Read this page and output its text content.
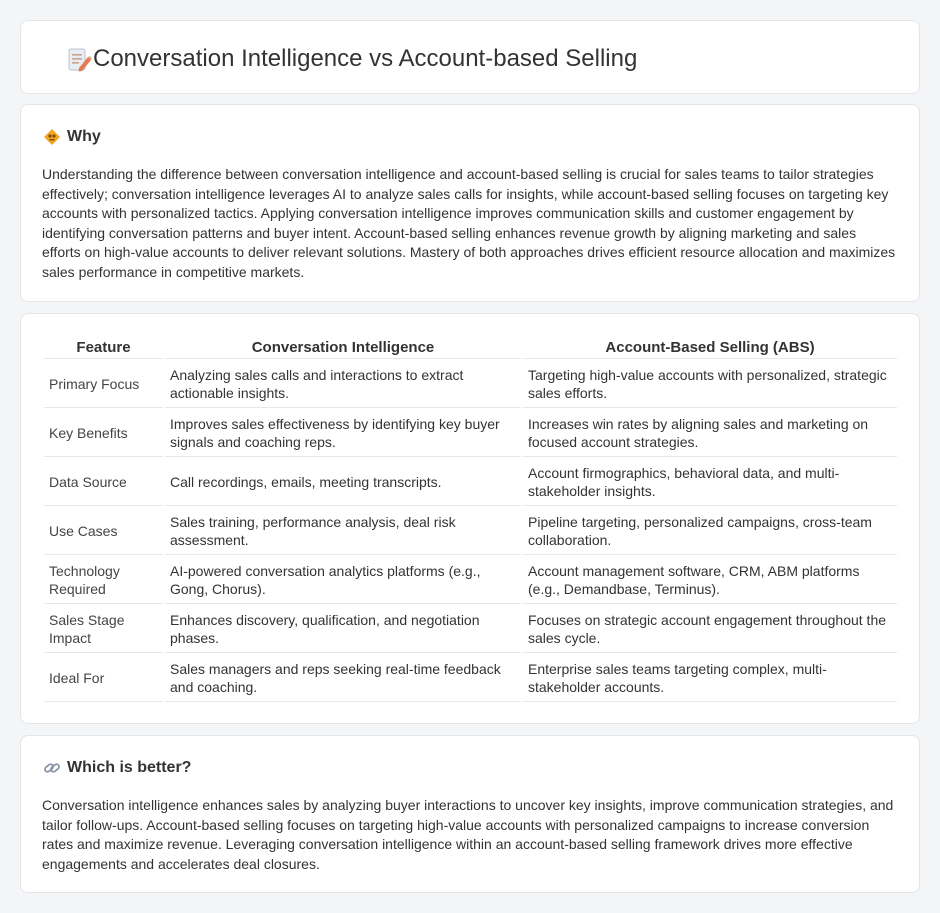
Conversation Intelligence vs Account-based Selling
Why

Understanding the difference between conversation intelligence and account-based selling is crucial for sales teams to tailor strategies effectively; conversation intelligence leverages AI to analyze sales calls for insights, while account-based selling focuses on targeting key accounts with personalized tactics. Applying conversation intelligence improves communication skills and customer engagement by identifying conversation patterns and buyer intent. Account-based selling enhances revenue growth by aligning marketing and sales efforts on high-value accounts to deliver relevant solutions. Mastery of both approaches drives efficient resource allocation and maximizes sales performance in competitive markets.

Feature	Conversation Intelligence	Account-Based Selling (ABS)
Primary Focus	Analyzing sales calls and interactions to extract actionable insights.	Targeting high-value accounts with personalized, strategic sales efforts.
Key Benefits	Improves sales effectiveness by identifying key buyer signals and coaching reps.	Increases win rates by aligning sales and marketing on focused account strategies.
Data Source	Call recordings, emails, meeting transcripts.	Account firmographics, behavioral data, and multi-stakeholder insights.
Use Cases	Sales training, performance analysis, deal risk assessment.	Pipeline targeting, personalized campaigns, cross-team collaboration.
Technology Required	AI-powered conversation analytics platforms (e.g., Gong, Chorus).	Account management software, CRM, ABM platforms (e.g., Demandbase, Terminus).
Sales Stage Impact	Enhances discovery, qualification, and negotiation phases.	Focuses on strategic account engagement throughout the sales cycle.
Ideal For	Sales managers and reps seeking real-time feedback and coaching.	Enterprise sales teams targeting complex, multi-stakeholder accounts.
Which is better?

Conversation intelligence enhances sales by analyzing buyer interactions to uncover key insights, improve communication strategies, and tailor follow-ups. Account-based selling focuses on targeting high-value accounts with personalized campaigns to increase conversion rates and maximize revenue. Leveraging conversation intelligence within an account-based selling framework drives more effective engagements and accelerates deal closures.
